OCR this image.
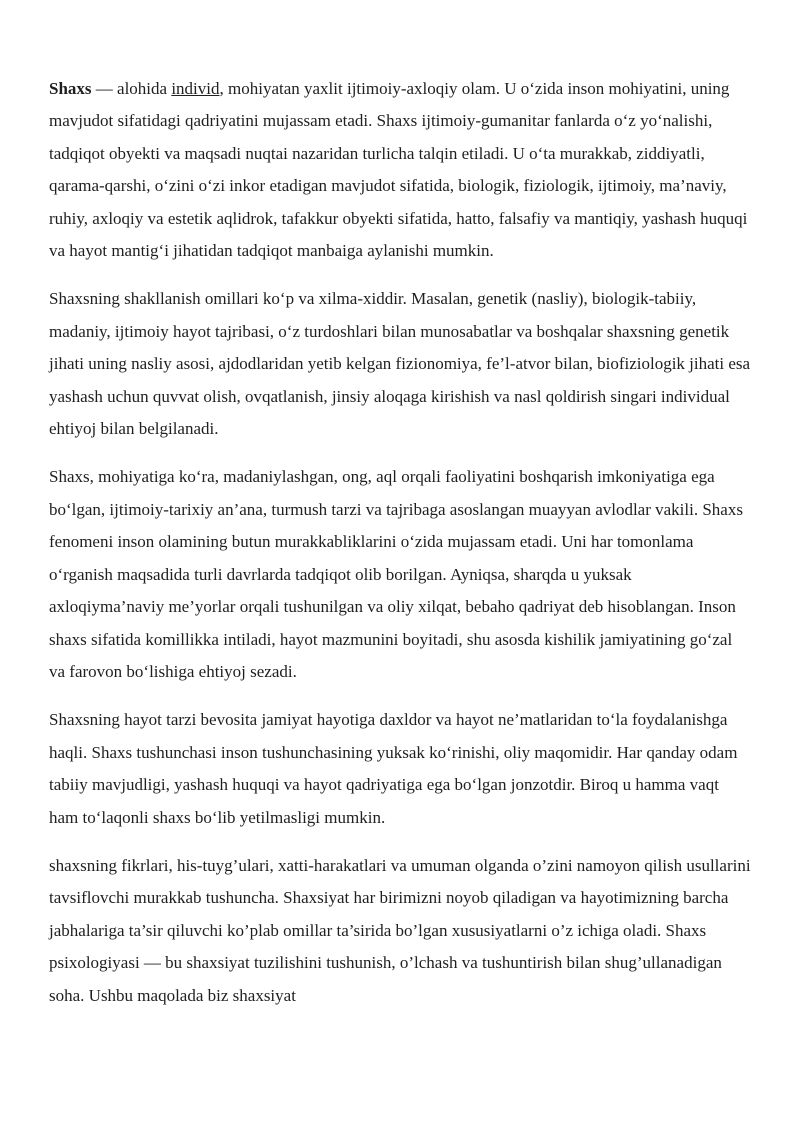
Shaxs — alohida individ, mohiyatan yaxlit ijtimoiy-axloqiy olam. U o‘zida inson mohiyatini, uning mavjudot sifatidagi qadriyatini mujassam etadi. Shaxs ijtimoiy-gumanitar fanlarda o‘z yo‘nalishi, tadqiqot obyekti va maqsadi nuqtai nazaridan turlicha talqin etiladi. U o‘ta murakkab, ziddiyatli, qarama-qarshi, o‘zini o‘zi inkor etadigan mavjudot sifatida, biologik, fiziologik, ijtimoiy, ma’naviy, ruhiy, axloqiy va estetik aqlidrok, tafakkur obyekti sifatida, hatto, falsafiy va mantiqiy, yashash huquqi va hayot mantig‘i jihatidan tadqiqot manbaiga aylanishi mumkin.

Shaxsning shakllanish omillari ko‘p va xilma-xiddir. Masalan, genetik (nasliy), biologik-tabiiy, madaniy, ijtimoiy hayot tajribasi, o‘z turdoshlari bilan munosabatlar va boshqalar shaxsning genetik jihati uning nasliy asosi, ajdodlaridan yetib kelgan fizionomiya, fe’l-atvor bilan, biofiziologik jihati esa yashash uchun quvvat olish, ovqatlanish, jinsiy aloqaga kirishish va nasl qoldirish singari individual ehtiyoj bilan belgilanadi.

Shaxs, mohiyatiga ko‘ra, madaniylashgan, ong, aql orqali faoliyatini boshqarish imkoniyatiga ega bo‘lgan, ijtimoiy-tarixiy an’ana, turmush tarzi va tajribaga asoslangan muayyan avlodlar vakili. Shaxs fenomeni inson olamining butun murakkabliklarini o‘zida mujassam etadi. Uni har tomonlama o‘rganish maqsadida turli davrlarda tadqiqot olib borilgan. Ayniqsa, sharqda u yuksak axloqiyma’naviy me’yorlar orqali tushunilgan va oliy xilqat, bebaho qadriyat deb hisoblangan. Inson shaxs sifatida komillikka intiladi, hayot mazmunini boyitadi, shu asosda kishilik jamiyatining go‘zal va farovon bo‘lishiga ehtiyoj sezadi.

Shaxsning hayot tarzi bevosita jamiyat hayotiga daxldor va hayot ne’matlaridan to‘la foydalanishga haqli. Shaxs tushunchasi inson tushunchasining yuksak ko‘rinishi, oliy maqomidir. Har qanday odam tabiiy mavjudligi, yashash huquqi va hayot qadriyatiga ega bo‘lgan jonzotdir. Biroq u hamma vaqt ham to‘laqonli shaxs bo‘lib yetilmasligi mumkin.

shaxsning fikrlari, his-tuyg’ulari, xatti-harakatlari va umuman olganda o’zini namoyon qilish usullarini tavsiflovchi murakkab tushuncha. Shaxsiyat har birimizni noyob qiladigan va hayotimizning barcha jabhalariga ta’sir qiluvchi ko’plab omillar ta’sirida bo’lgan xususiyatlarni o’z ichiga oladi. Shaxs psixologiyasi — bu shaxsiyat tuzilishini tushunish, o’lchash va tushuntirish bilan shug’ullanadigan soha. Ushbu maqolada biz shaxsiyat
